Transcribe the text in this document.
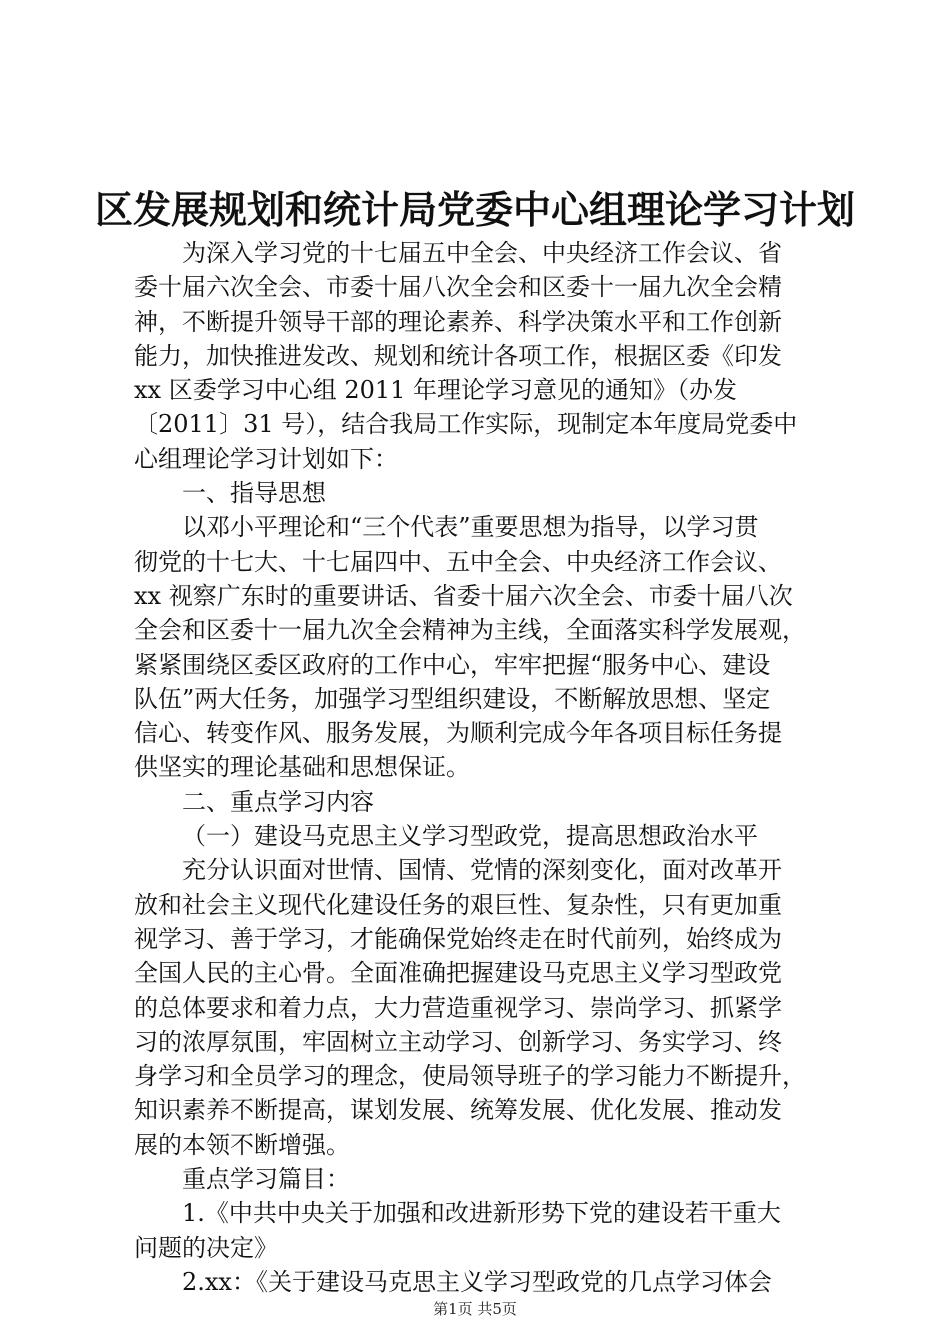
区发展规划和统计局党委中心组理论学习计划
为深入学习党的十七届五中全会、中央经济工作会议、省
委十届六次全会、市委十届八次全会和区委十一届九次全会精
神，不断提升领导干部的理论素养、科学决策水平和工作创新
能力，加快推进发改、规划和统计各项工作，根据区委《印发
xx 区委学习中心组 2011 年理论学习意见的通知》（办发
〔2011〕31 号），结合我局工作实际，现制定本年度局党委中
心组理论学习计划如下：
一、指导思想
以邓小平理论和“三个代表”重要思想为指导，以学习贯
彻党的十七大、十七届四中、五中全会、中央经济工作会议、
xx 视察广东时的重要讲话、省委十届六次全会、市委十届八次
全会和区委十一届九次全会精神为主线，全面落实科学发展观，
紧紧围绕区委区政府的工作中心，牢牢把握“服务中心、建设
队伍”两大任务，加强学习型组织建设，不断解放思想、坚定
信心、转变作风、服务发展，为顺利完成今年各项目标任务提
供坚实的理论基础和思想保证。
二、重点学习内容
（一）建设马克思主义学习型政党，提高思想政治水平
充分认识面对世情、国情、党情的深刻变化，面对改革开
放和社会主义现代化建设任务的艰巨性、复杂性，只有更加重
视学习、善于学习，才能确保党始终走在时代前列，始终成为
全国人民的主心骨。全面准确把握建设马克思主义学习型政党
的总体要求和着力点，大力营造重视学习、崇尚学习、抓紧学
习的浓厚氛围，牢固树立主动学习、创新学习、务实学习、终
身学习和全员学习的理念，使局领导班子的学习能力不断提升，
知识素养不断提高，谋划发展、统筹发展、优化发展、推动发
展的本领不断增强。
重点学习篇目：
1.《中共中央关于加强和改进新形势下党的建设若干重大
问题的决定》
2.xx：《关于建设马克思主义学习型政党的几点学习体会
第1页 共5页
